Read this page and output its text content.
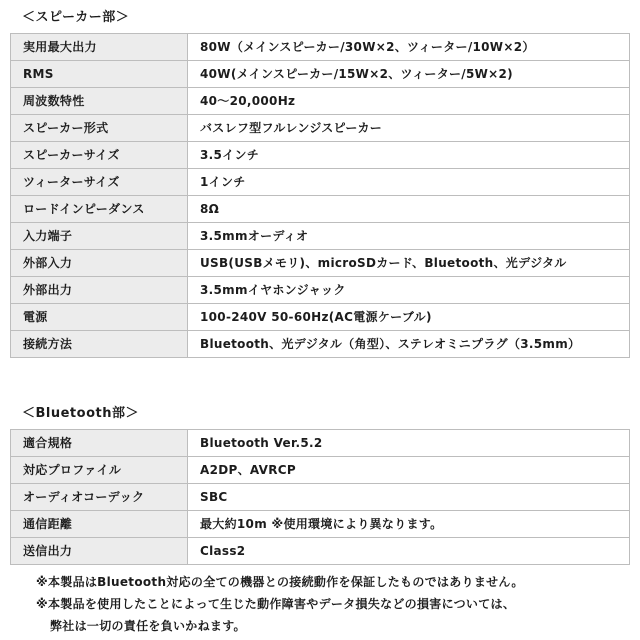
＜スピーカー部＞
実用最大出力	80W（メインスピーカー/30W×2、ツィーター/10W×2）
RMS	40W(メインスピーカー/15W×2、ツィーター/5W×2)
周波数特性	40〜20,000Hz
スピーカー形式	バスレフ型フルレンジスピーカー
スピーカーサイズ	3.5インチ
ツィーターサイズ	1インチ
ロードインピーダンス	8Ω
入力端子	3.5mmオーディオ
外部入力	USB(USBメモリ)、microSDカード、Bluetooth、光デジタル
外部出力	3.5mmイヤホンジャック
電源	100-240V 50-60Hz(AC電源ケーブル)
接続方法	Bluetooth、光デジタル（角型）、ステレオミニプラグ（3.5mm）
＜Bluetooth部＞
適合規格	Bluetooth Ver.5.2
対応プロファイル	A2DP、AVRCP
オーディオコーデック	SBC
通信距離	最大約10m ※使用環境により異なります。
送信出力	Class2
※本製品はBluetooth対応の全ての機器との接続動作を保証したものではありません。
※本製品を使用したことによって生じた動作障害やデータ損失などの損害については、
弊社は一切の責任を負いかねます。
